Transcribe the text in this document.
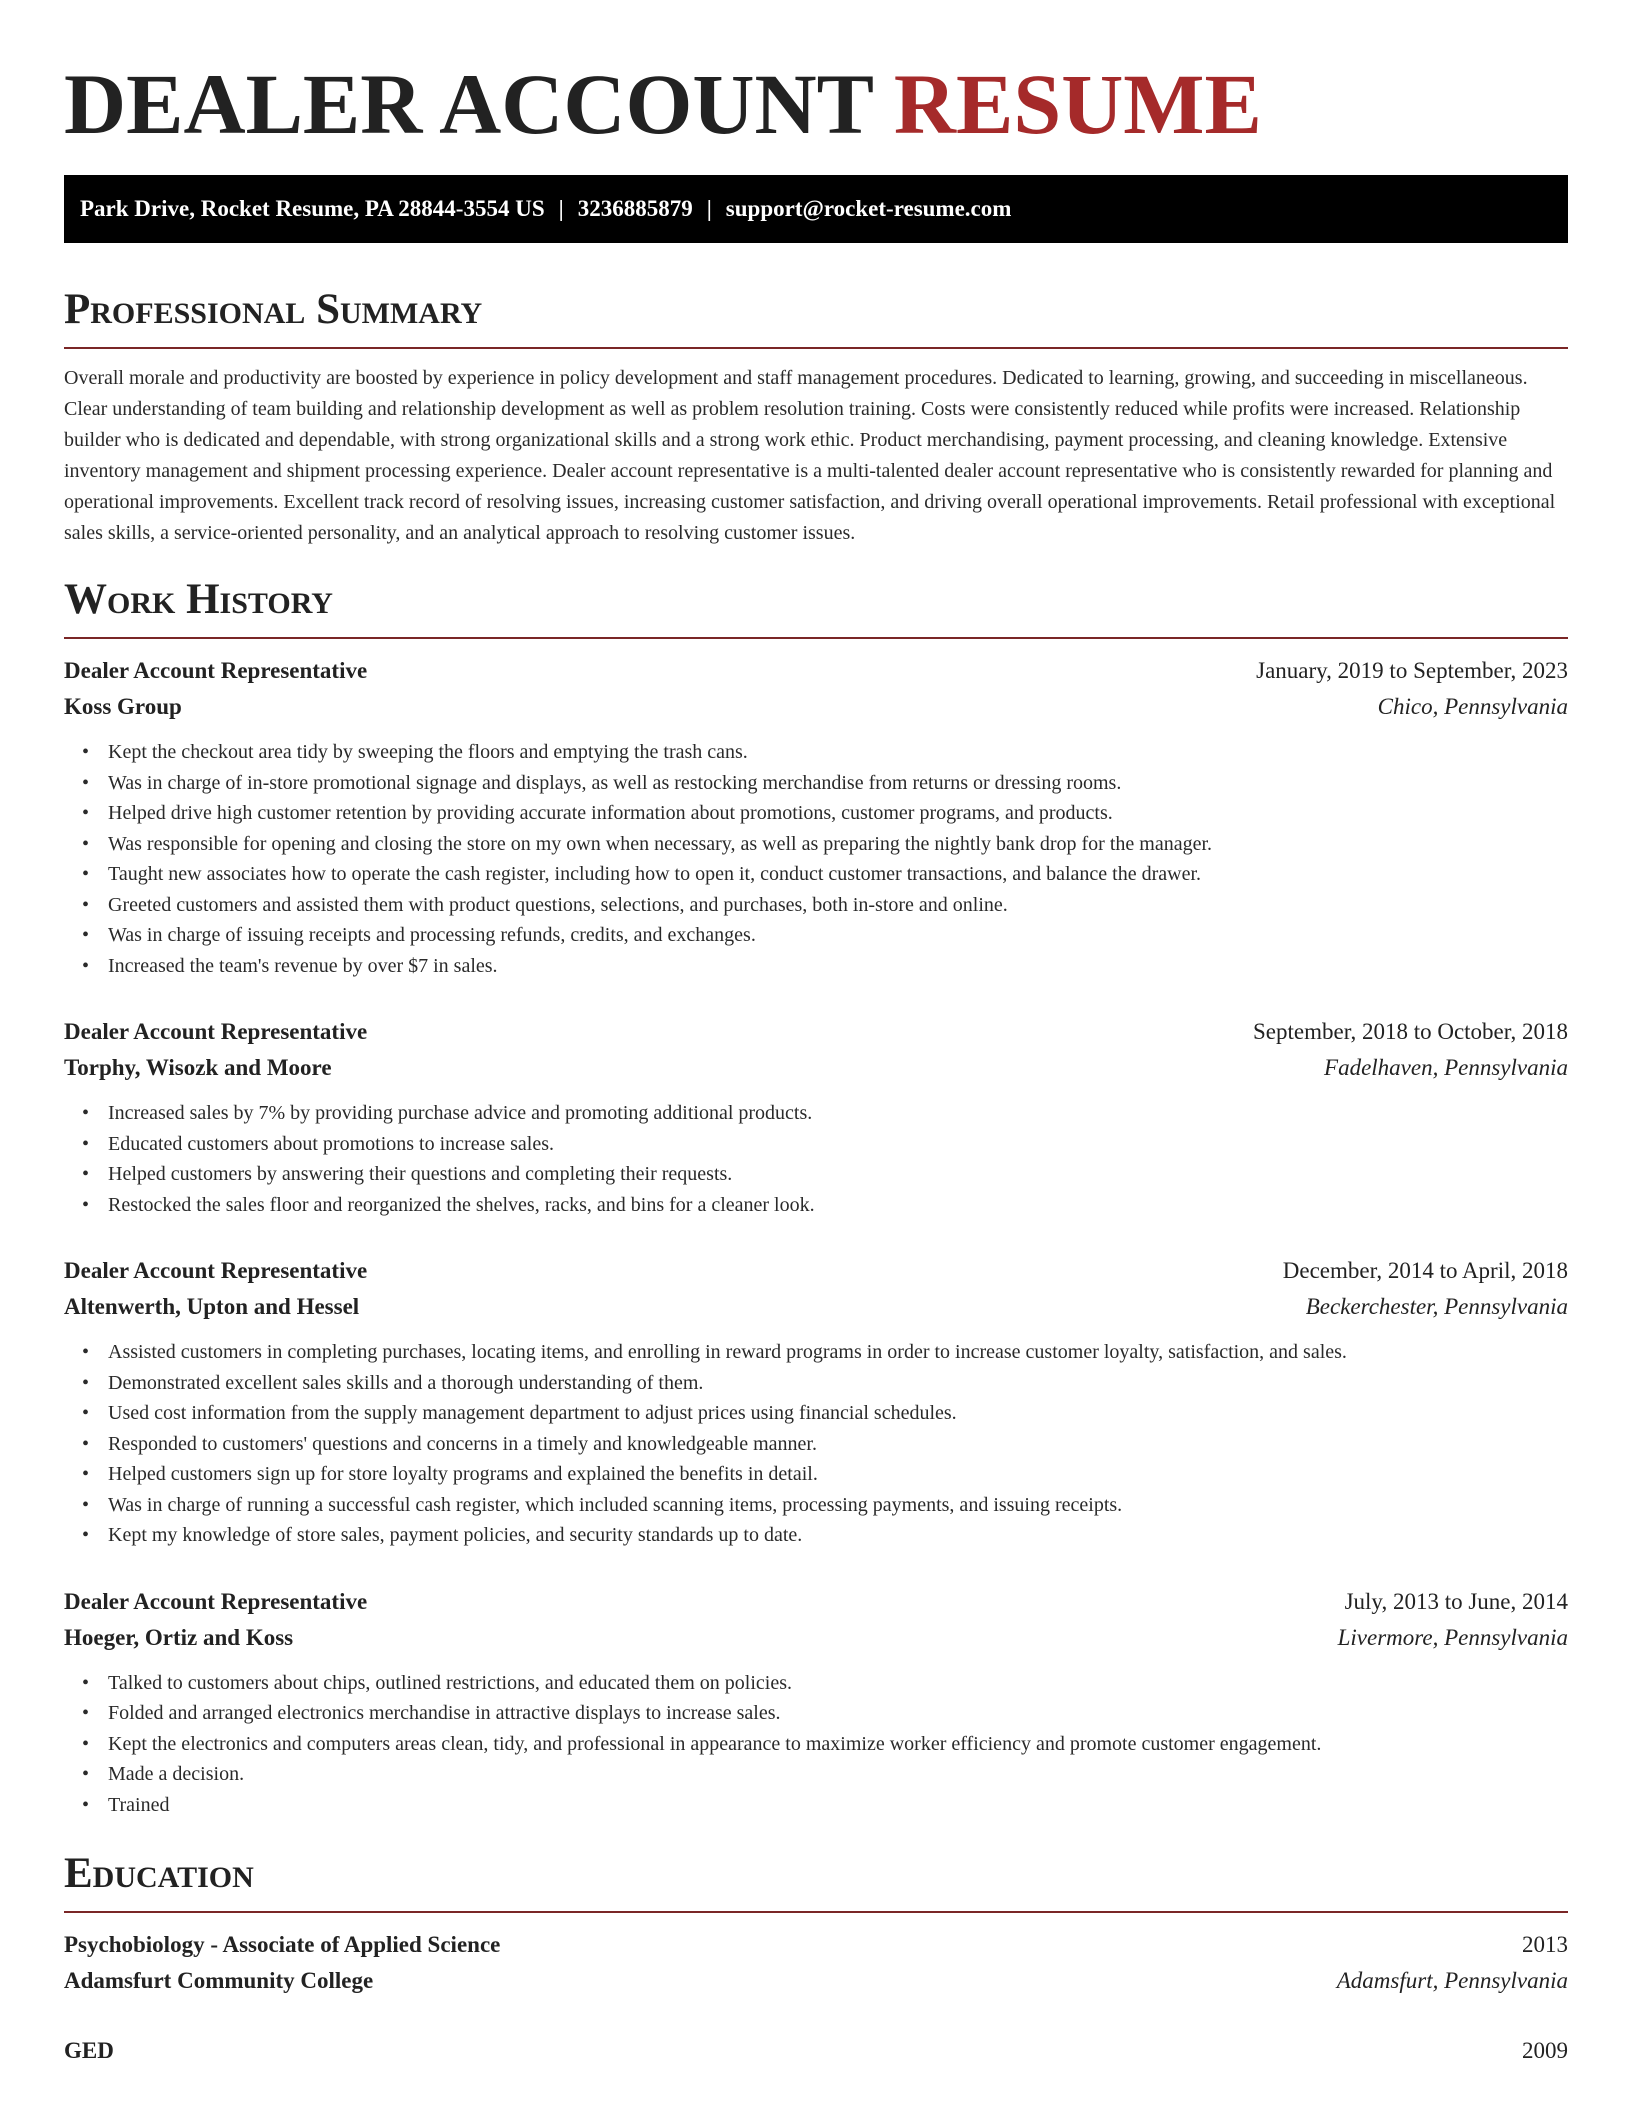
DEALER ACCOUNT RESUME
Park Drive, Rocket Resume, PA 28844-3554 US | 3236885879 | support@rocket-resume.com
Professional Summary

Overall morale and productivity are boosted by experience in policy development and staff management procedures. Dedicated to learning, growing, and succeeding in miscellaneous. Clear understanding of team building and relationship development as well as problem resolution training. Costs were consistently reduced while profits were increased. Relationship builder who is dedicated and dependable, with strong organizational skills and a strong work ethic. Product merchandising, payment processing, and cleaning knowledge. Extensive inventory management and shipment processing experience. Dealer account representative is a multi-talented dealer account representative who is consistently rewarded for planning and operational improvements. Excellent track record of resolving issues, increasing customer satisfaction, and driving overall operational improvements. Retail professional with exceptional sales skills, a service-oriented personality, and an analytical approach to resolving customer issues.

Work History
Dealer Account Representative	January, 2019 to September, 2023
Koss Group	Chico, Pennsylvania
• Kept the checkout area tidy by sweeping the floors and emptying the trash cans.
• Was in charge of in-store promotional signage and displays, as well as restocking merchandise from returns or dressing rooms.
• Helped drive high customer retention by providing accurate information about promotions, customer programs, and products.
• Was responsible for opening and closing the store on my own when necessary, as well as preparing the nightly bank drop for the manager.
• Taught new associates how to operate the cash register, including how to open it, conduct customer transactions, and balance the drawer.
• Greeted customers and assisted them with product questions, selections, and purchases, both in-store and online.
• Was in charge of issuing receipts and processing refunds, credits, and exchanges.
• Increased the team's revenue by over $7 in sales.
Dealer Account Representative	September, 2018 to October, 2018
Torphy, Wisozk and Moore	Fadelhaven, Pennsylvania
• Increased sales by 7% by providing purchase advice and promoting additional products.
• Educated customers about promotions to increase sales.
• Helped customers by answering their questions and completing their requests.
• Restocked the sales floor and reorganized the shelves, racks, and bins for a cleaner look.
Dealer Account Representative	December, 2014 to April, 2018
Altenwerth, Upton and Hessel	Beckerchester, Pennsylvania
• Assisted customers in completing purchases, locating items, and enrolling in reward programs in order to increase customer loyalty, satisfaction, and sales.
• Demonstrated excellent sales skills and a thorough understanding of them.
• Used cost information from the supply management department to adjust prices using financial schedules.
• Responded to customers' questions and concerns in a timely and knowledgeable manner.
• Helped customers sign up for store loyalty programs and explained the benefits in detail.
• Was in charge of running a successful cash register, which included scanning items, processing payments, and issuing receipts.
• Kept my knowledge of store sales, payment policies, and security standards up to date.
Dealer Account Representative	July, 2013 to June, 2014
Hoeger, Ortiz and Koss	Livermore, Pennsylvania
• Talked to customers about chips, outlined restrictions, and educated them on policies.
• Folded and arranged electronics merchandise in attractive displays to increase sales.
• Kept the electronics and computers areas clean, tidy, and professional in appearance to maximize worker efficiency and promote customer engagement.
• Made a decision.
• Trained
Education
Psychobiology - Associate of Applied Science	2013
Adamsfurt Community College	Adamsfurt, Pennsylvania
GED	2009
